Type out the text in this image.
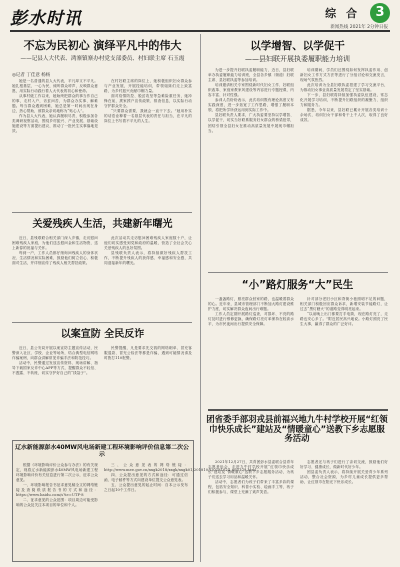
彭水时讯	综 合	3
新闻热线 2021年 2分钟日报
不忘为民初心 演绎平凡中的伟大
——记县人大代表、鸿寨镇寨办村党支部委员、村妇联主席 石玉霞
◎记者 丁佳意 杨杨

她是一名普通的县人大代表，平凡却又不平凡。她扎根基层，一心为民，倾听群众呼声，反映群众意愿，用实际行动践行着人大代表的初心和使命。

从事村级工作以来，她始终把群众的事当作自己的事，走村入户，访贫问苦，为群众办实事、解难题。每当群众遇到困难，她总是第一时间出现在身边，热心帮助，被群众亲切地称为“贴心人”。

作为县人大代表，她认真履职尽责，积极参加各类调研视察活动，围绕乡村振兴、产业发展、基础设施建设等方面提出建议，推动了一批民生实事落地见效。

在村妇联主席的岗位上，她积极组织妇女群众参与产业发展，开展技能培训，带领姐妹们走上致富路，为乡村振兴贡献巾帼力量。

面对疫情防控、脱贫攻坚等急难险重任务，她冲锋在前，挨家挨户宣传政策、排查信息，以实际行动守护群众安全。

“只要群众需要，我就会一直干下去。”她用朴实的话语诠释着一名基层代表的责任与担当，在平凡的岗位上书写着不平凡的人生。

关爱残疾人生活，共建新年曙光

近日，县残联联合相关部门深入乡镇，走访慰问困难残疾人家庭，为他们送去慰问金和生活物资，送上新春的祝福与关怀。

每到一户，工作人员都仔细询问残疾人的身体状况、生活情况和实际困难，鼓励他们树立信心、积极面对生活，并详细宣传了残疾人相关帮扶政策。

此次活动共走访慰问困难残疾人家庭数十户，让他们切实感受到党和政府的温暖，营造了全社会关心关爱残疾人的良好氛围。

县残联负责人表示，将持续做好残疾人帮扶工作，不断提升残疾人的获得感、幸福感和安全感，共同迎接新年的曙光。

以案宣防 全民反诈

近日，县公安局开展以案宣防主题宣传活动，民警深入社区、学校、企业等场所，结合典型电信网络诈骗案例，向群众讲解常见诈骗手法和防范技巧。

活动中，民警通过发放宣传资料、现场讲解、指导下载国家反诈中心APP等方式，提醒群众不轻信、不透露、不转账，切实守护好自己的“钱袋子”。

民警提醒，凡是要求先交钱的网络刷单、冒充客服退款、冒充公检法等都是诈骗，遇到可疑情况请及时拨打110报警。

辽水新能源彭水40MW风电场新建工程环境影响评价信息第二次公示

根据《环境影响评价公众参与办法》的有关规定，现将辽水新能源彭水40MW风电场新建工程环境影响评价有关信息进行第二次公示，征求公众意见。

一、环境影响报告书征求意见稿全文的网络链接及查阅纸质报告书的方式和途径：https://www.baidu.com/s?ie=UTF-8

二、征求意见的公众范围：项目周边可能受影响的公众及关注本项目的单位和个人。

三、公众意见表的网络链接：http://www.mee.gov.cn/xxgk2018/xxgk/xxgk01/201810/t20181024_665329.html

四、公众提出意见的方式和途径：可通过信函、电子邮件等方式向建设单位提交公众意见表。

五、公众提出意见的起止时间：自本公示发布之日起10个工作日。

以学增智、以学促干
——县妇联开展执委履职能力培训

为进一步提升妇联执委履职能力，近日，县妇联举办执委履职能力培训班，全县各乡镇（街道）妇联主席、县妇联执委等参加培训。

培训邀请相关专家围绕新时代妇女工作、妇联组织改革、家庭家教家风建设等内容进行专题授课，内容丰富、针对性强。

参训人员纷纷表示，此次培训既有理论高度又有实践深度，进一步拓宽了工作思路，增强了履职本领，将把所学所获运用到实际工作中。

县妇联负责人要求，广大执委要坚持以学增智、以学促干，切实当好联系服务妇女群众的桥梁纽带，团结引领全县妇女在推动高质量发展中展现巾帼担当。

培训期间，学员们还围绕如何发挥执委作用、创新妇女工作方式方法等进行了分组讨论和交流发言，现场气氛热烈。

此次培训为全县妇联执委搭建了学习交流平台，为推动妇女事业高质量发展奠定了坚实基础。

下一步，县妇联将持续加强执委队伍建设，常态化开展学习培训，不断提升妇联组织的凝聚力、组织力和服务力。

据悉，今年以来，县妇联已累计开展各类培训十余场次，培训妇女干部和骨干上千人次，取得了良好成效。

“小”路灯服务“大”民生

一盏盏路灯，照亮群众回家的路，也温暖着群众的心。近年来，县城市管理部门不断加大路灯建设维护力度，切实解决群众夜间出行难题。

工作人员定期开展路灯巡查，对损坏、不亮的路灯及时进行维修更换，确保路灯亮灯率保持在较高水平，为市民夜间出行提供安全保障。

针对部分老旧小区和背街小巷照明不足的问题，相关部门积极回应群众诉求，新增安装节能路灯，让过去“黑灯瞎火”的道路变得明亮起来。

“以前晚上出门都要打手电筒，现在路灯亮了，走路也安心多了。”附近居民高兴地说。小路灯照亮了民生大事，赢得了群众的广泛好评。

团省委手部羽戎县前福兴地九牛村学校开展“红领巾快乐成长”建站及“情暖童心”送教下乡志愿服务活动

2021年12月27日，共青团彭水县委联合县青年志愿者协会，走进九牛村学校开展“红领巾快乐成长”建站及“情暖童心”送教下乡志愿服务活动，为孩子们送去学习用品和温暖关怀。

活动中，志愿者们为孩子们带来了丰富多彩的课程，包括安全知识、科普小实验、绘画手工等，孩子们积极参与，课堂上充满了欢声笑语。

志愿者还与孩子们进行了亲切交流，鼓励他们好好学习、健康成长，做新时代好少年。

团县委负责人表示，将持续开展关爱青少年系列活动，整合社会资源，为乡村儿童成长提供更多帮助，让红领巾在阳光下快乐成长。
